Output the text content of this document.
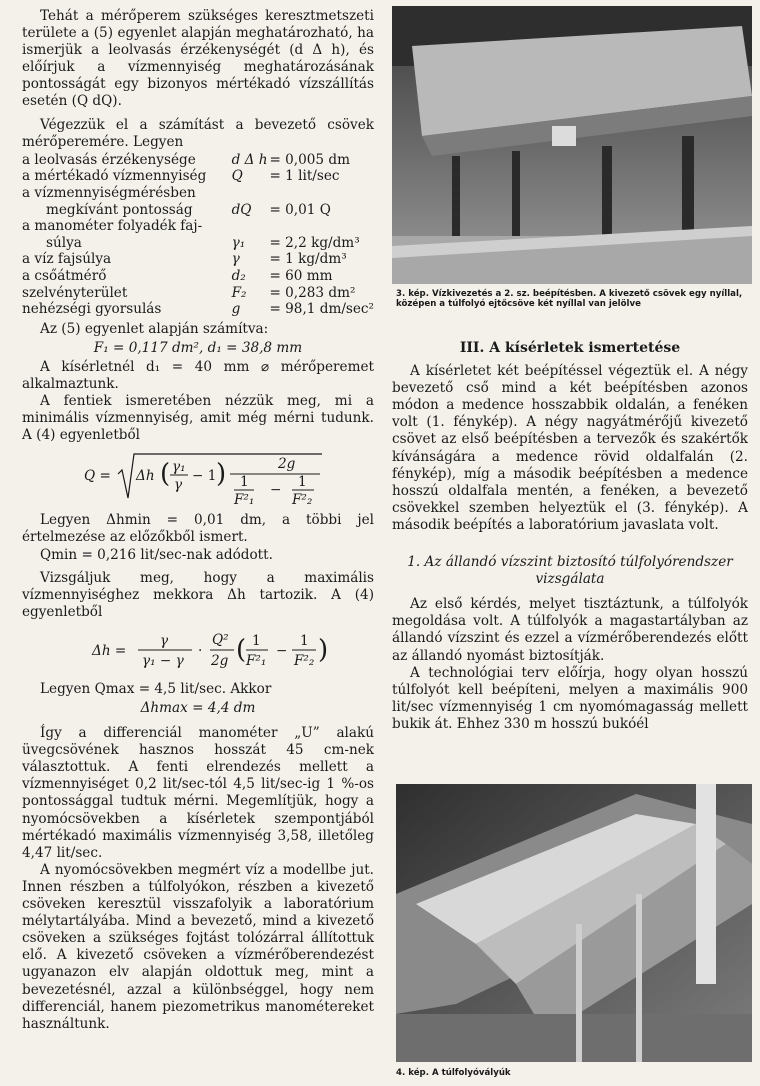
Tehát a mérőperem szükséges keresztmetszeti területe a (5) egyenlet alapján meghatározható, ha ismerjük a leolvasás érzékenységét (d Δ h), és előírjuk a vízmennyiség meghatározásának pontosságát egy bizonyos mértékadó vízszállítás esetén (Q dQ).

Végezzük el a számítást a bevezető csövek mérőperemére. Legyen

a leolvasás érzékenysége	d Δ h	= 0,005 dm
a mértékadó vízmennyiség	Q	= 1 lit/sec
a vízmennyiségmérésben		
megkívánt pontosság	dQ	= 0,01 Q
a manométer folyadék faj-		
súlya	γ₁	= 2,2 kg/dm³
a víz fajsúlya	γ	= 1 kg/dm³
a csőátmérő	d₂	= 60 mm
szelvényterület	F₂	= 0,283 dm²
nehézségi gyorsulás	g	= 98,1 dm/sec²

Az (5) egyenlet alapján számítva:

F₁ = 0,117 dm², d₁ = 38,8 mm

A kísérletnél d₁ = 40 mm ⌀ mérőperemet alkalmaztunk.

A fentiek ismeretében nézzük meg, mi a minimális vízmennyiség, amit még mérni tudunk. A (4) egyenletből

Q = Δh ( γ₁
γ
− 1 )	2g
1
F²₁
− 1
F²₂

Legyen Δhmin = 0,01 dm, a többi jel értelmezése az előzőkből ismert.

Qmin = 0,216 lit/sec-nak adódott.

Vizsgáljuk meg, hogy a maximális vízmennyiséghez mekkora Δh tartozik. A (4) egyenletből

Δh =
γ
γ₁ − γ
·
Q²
2g ( 1
F²₁
−
1
F²₂ )

Legyen Qmax = 4,5 lit/sec. Akkor

Δhmax = 4,4 dm

Így a differenciál manométer „U” alakú üvegcsövének hasznos hosszát 45 cm-nek választottuk. A fenti elrendezés mellett a vízmennyiséget 0,2 lit/sec-tól 4,5 lit/sec-ig 1 %-os pontossággal tudtuk mérni. Megemlítjük, hogy a nyomócsövekben a kísérletek szempontjából mértékadó maximális vízmennyiség 3,58, illetőleg 4,47 lit/sec.

A nyomócsövekben megmért víz a modellbe jut. Innen részben a túlfolyókon, részben a kivezető csöveken keresztül visszafolyik a laboratórium mélytartályába. Mind a bevezető, mind a kivezető csöveken a szükséges fojtást tolózárral állítottuk elő. A kivezető csöveken a vízmérőberendezést ugyanazon elv alapján oldottuk meg, mint a bevezetésnél, azzal a különbséggel, hogy nem differenciál, hanem piezometrikus manométereket használtunk.

3. kép. Vízkivezetés a 2. sz. beépítésben. A kivezető csövek egy nyíllal, középen a túlfolyó ejtőcsöve két nyíllal van jelölve
III. A kísérletek ismertetése

A kísérletet két beépítéssel végeztük el. A négy bevezető cső mind a két beépítésben azonos módon a medence hosszabbik oldalán, a fenéken volt (1. fénykép). A négy nagyátmérőjű kivezető csövet az első beépítésben a tervezők és szakértők kívánságára a medence rövid oldalfalán (2. fénykép), míg a második beépítésben a medence hosszú oldalfala mentén, a fenéken, a bevezető csövekkel szemben helyeztük el (3. fénykép). A második beépítés a laboratórium javaslata volt.

1. Az állandó vízszint biztosító túlfolyórendszer vizsgálata

Az első kérdés, melyet tisztáztunk, a túlfolyók megoldása volt. A túlfolyók a magastartályban az állandó vízszint és ezzel a vízmérőberendezés előtt az állandó nyomást biztosítják.

A technológiai terv előírja, hogy olyan hosszú túlfolyót kell beépíteni, melyen a maximális 900 lit/sec vízmennyiség 1 cm nyomómagasság mellett bukik át. Ehhez 330 m hosszú bukóél

4. kép. A túlfolyóvályúk
